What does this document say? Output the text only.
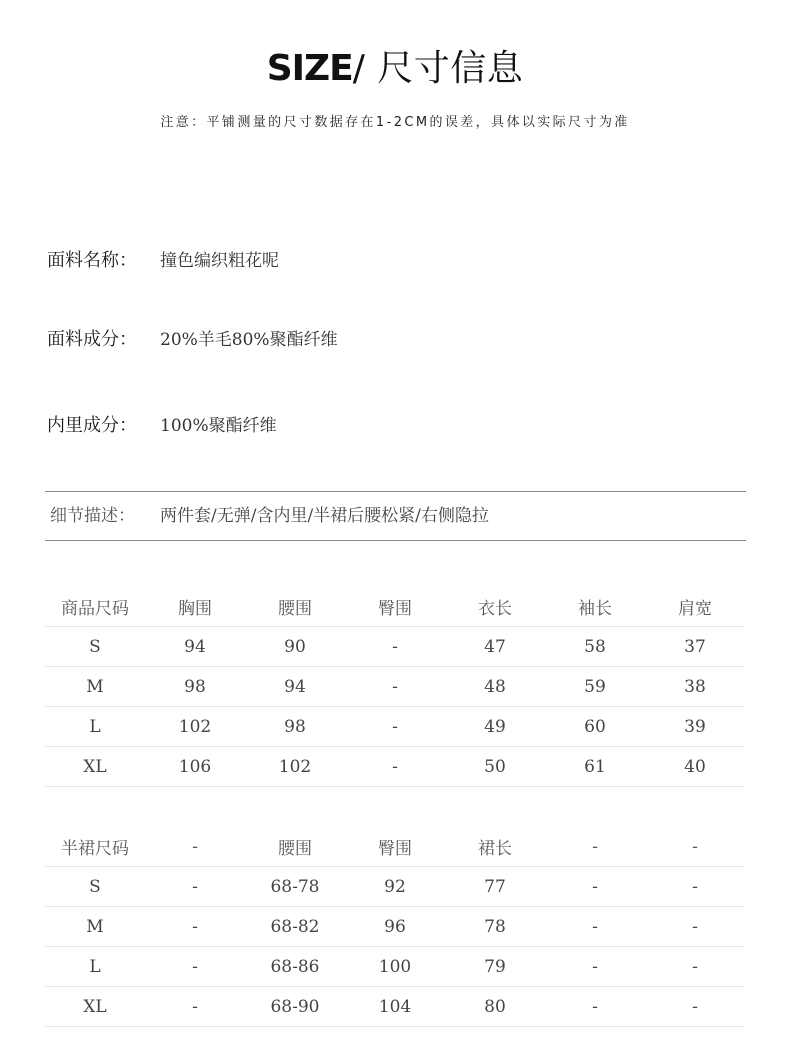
SIZE/ 尺寸信息
注意：平铺测量的尺寸数据存在1-2CM的误差，具体以实际尺寸为准
面料名称： 撞色编织粗花呢
面料成分： 20%羊毛80%聚酯纤维
内里成分： 100%聚酯纤维
细节描述： 两件套/无弹/含内里/半裙后腰松紧/右侧隐拉
商品尺码	胸围	腰围	臀围	衣长	袖长	肩宽
S	94	90	-	47	58	37
M	98	94	-	48	59	38
L	102	98	-	49	60	39
XL	106	102	-	50	61	40
半裙尺码	-	腰围	臀围	裙长	-	-
S	-	68-78	92	77	-	-
M	-	68-82	96	78	-	-
L	-	68-86	100	79	-	-
XL	-	68-90	104	80	-	-
